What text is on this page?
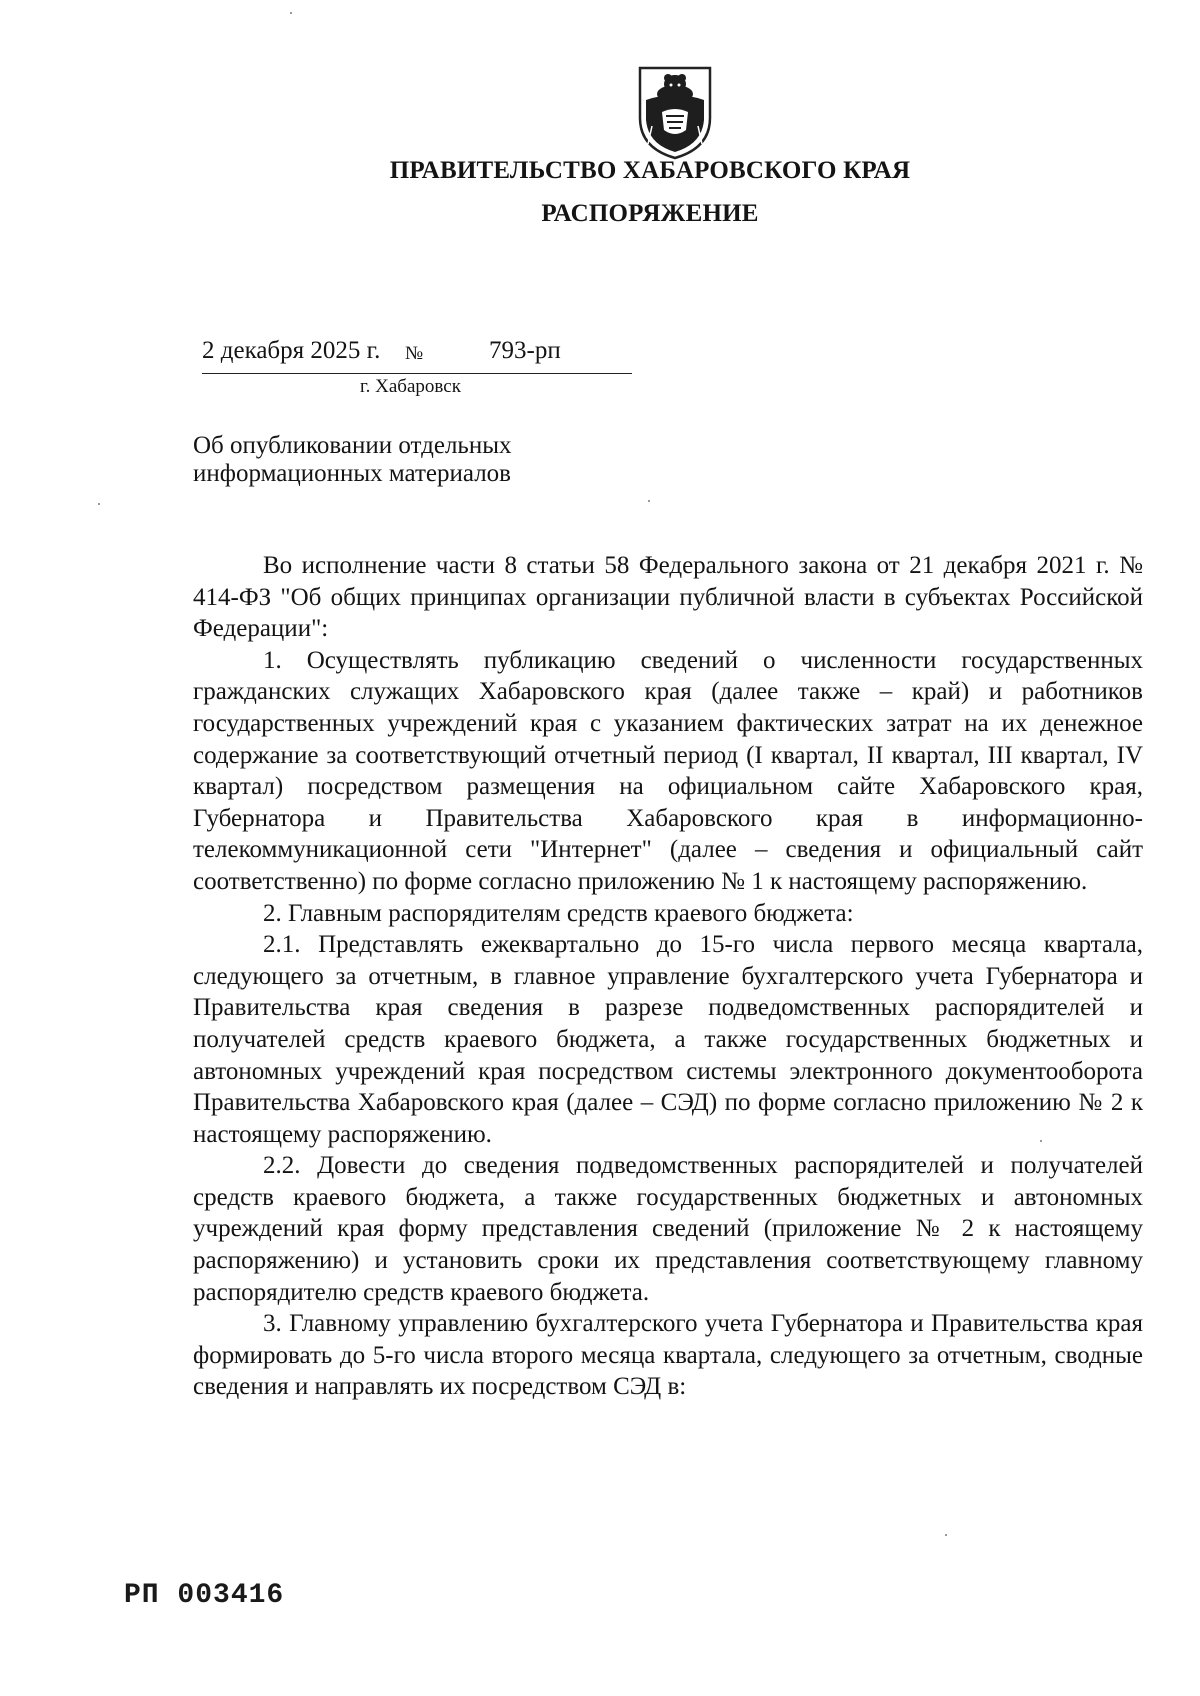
ПРАВИТЕЛЬСТВО ХАБАРОВСКОГО КРАЯ
РАСПОРЯЖЕНИЕ
2 декабря 2025 г. №	793-рп
г. Хабаровск
Об опубликовании отдельных
информационных материалов

Во исполнение части 8 статьи 58 Федерального закона от 21 декабря 2021 г. № 414-ФЗ "Об общих принципах организации публичной власти в субъектах Российской Федерации":

1. Осуществлять публикацию сведений о численности государственных гражданских служащих Хабаровского края (далее также – край) и работников государственных учреждений края с указанием фактических затрат на их денежное содержание за соответствующий отчетный период (I квартал, II квартал, III квартал, IV квартал) посредством размещения на официальном сайте Хабаровского края, Губернатора и Правительства Хабаровского края в информационно-телекоммуникационной сети "Интернет" (далее – сведения и официальный сайт соответственно) по форме согласно приложению № 1 к настоящему распоряжению.

2. Главным распорядителям средств краевого бюджета:

2.1. Представлять ежеквартально до 15-го числа первого месяца квартала, следующего за отчетным, в главное управление бухгалтерского учета Губернатора и Правительства края сведения в разрезе подведомственных распорядителей и получателей средств краевого бюджета, а также государственных бюджетных и автономных учреждений края посредством системы электронного документооборота Правительства Хабаровского края (далее – СЭД) по форме согласно приложению № 2 к настоящему распоряжению.

2.2. Довести до сведения подведомственных распорядителей и получателей средств краевого бюджета, а также государственных бюджетных и автономных учреждений края форму представления сведений (приложение № 2 к настоящему распоряжению) и установить сроки их представления соответствующему главному распорядителю средств краевого бюджета.

3. Главному управлению бухгалтерского учета Губернатора и Правительства края формировать до 5-го числа второго месяца квартала, следующего за отчетным, сводные сведения и направлять их посредством СЭД в:

РП 003416
